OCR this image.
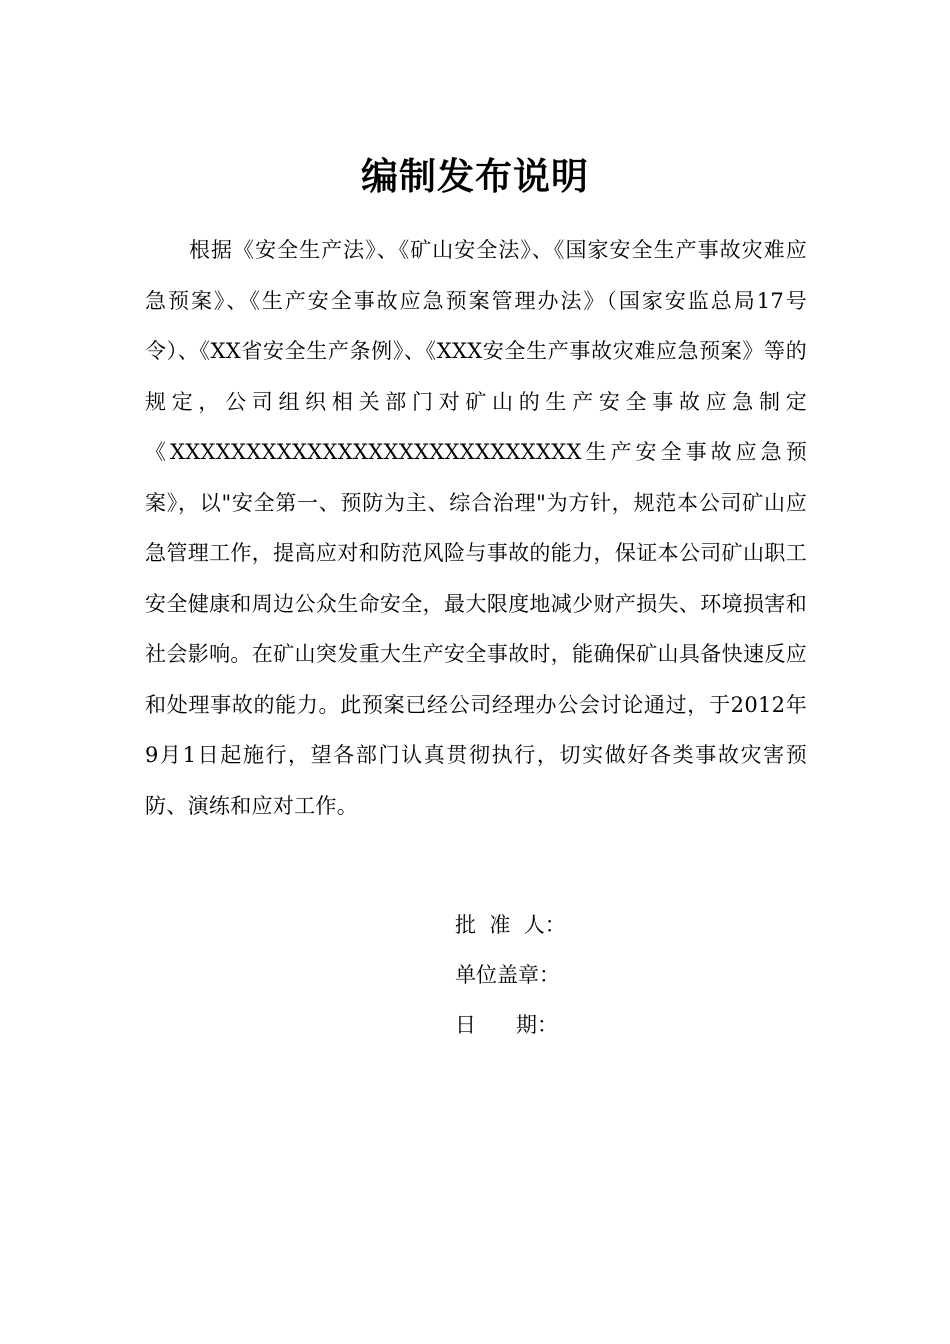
编制发布说明

根据《安全生产法》、《矿山安全法》、《国家安全生产事故灾难应急预案》、《生产安全事故应急预案管理办法》（国家安监总局17号令）、《XX省安全生产条例》、《XXX安全生产事故灾难应急预案》等的规定，公司组织相关部门对矿山的生产安全事故应急制定《XXXXXXXXXXXXXXXXXXXXXXXXXXX生产安全事故应急预案》，以"安全第一、预防为主、综合治理"为方针，规范本公司矿山应急管理工作，提高应对和防范风险与事故的能力，保证本公司矿山职工安全健康和周边公众生命安全，最大限度地减少财产损失、环境损害和社会影响。在矿山突发重大生产安全事故时，能确保矿山具备快速反应和处理事故的能力。此预案已经公司经理办公会讨论通过，于2012年9月1日起施行，望各部门认真贯彻执行，切实做好各类事故灾害预防、演练和应对工作。

批  准  人：
单位盖章：
日      期：
